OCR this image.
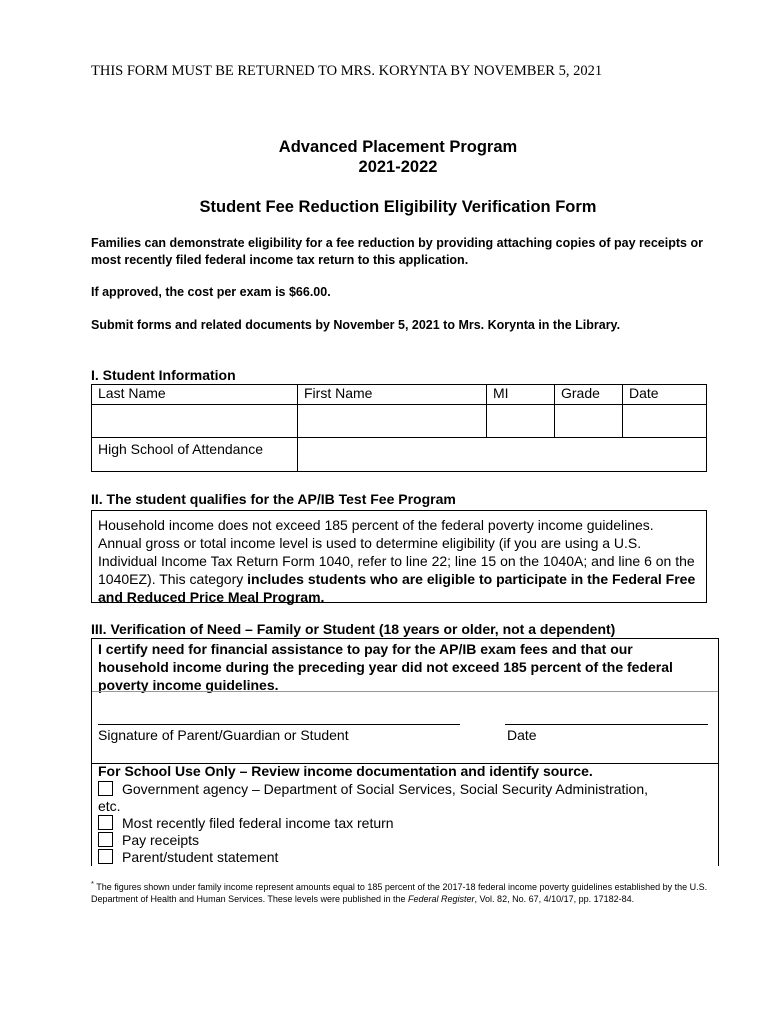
THIS FORM MUST BE RETURNED TO MRS. KORYNTA BY NOVEMBER 5, 2021
Advanced Placement Program
2021-2022
Student Fee Reduction Eligibility Verification Form
Families can demonstrate eligibility for a fee reduction by providing attaching copies of pay receipts or most recently filed federal income tax return to this application.
If approved, the cost per exam is $66.00.
Submit forms and related documents by November 5, 2021 to Mrs. Korynta in the Library.
I. Student Information
Last Name	First Name	MI	Grade	Date

High School of Attendance				
II. The student qualifies for the AP/IB Test Fee Program
Household income does not exceed 185 percent of the federal poverty income guidelines. Annual gross or total income level is used to determine eligibility (if you are using a U.S. Individual Income Tax Return Form 1040, refer to line 22; line 15 on the 1040A; and line 6 on the 1040EZ). This category includes students who are eligible to participate in the Federal Free and Reduced Price Meal Program.
III. Verification of Need – Family or Student (18 years or older, not a dependent)
I certify need for financial assistance to pay for the AP/IB exam fees and that our household income during the preceding year did not exceed 185 percent of the federal poverty income guidelines.
Signature of Parent/Guardian or Student	Date
For School Use Only – Review income documentation and identify source.
Government agency – Department of Social Services, Social Security Administration,
etc.
Most recently filed federal income tax return
Pay receipts
Parent/student statement
* The figures shown under family income represent amounts equal to 185 percent of the 2017-18 federal income poverty guidelines established by the U.S. Department of Health and Human Services. These levels were published in the Federal Register, Vol. 82, No. 67, 4/10/17, pp. 17182-84.
